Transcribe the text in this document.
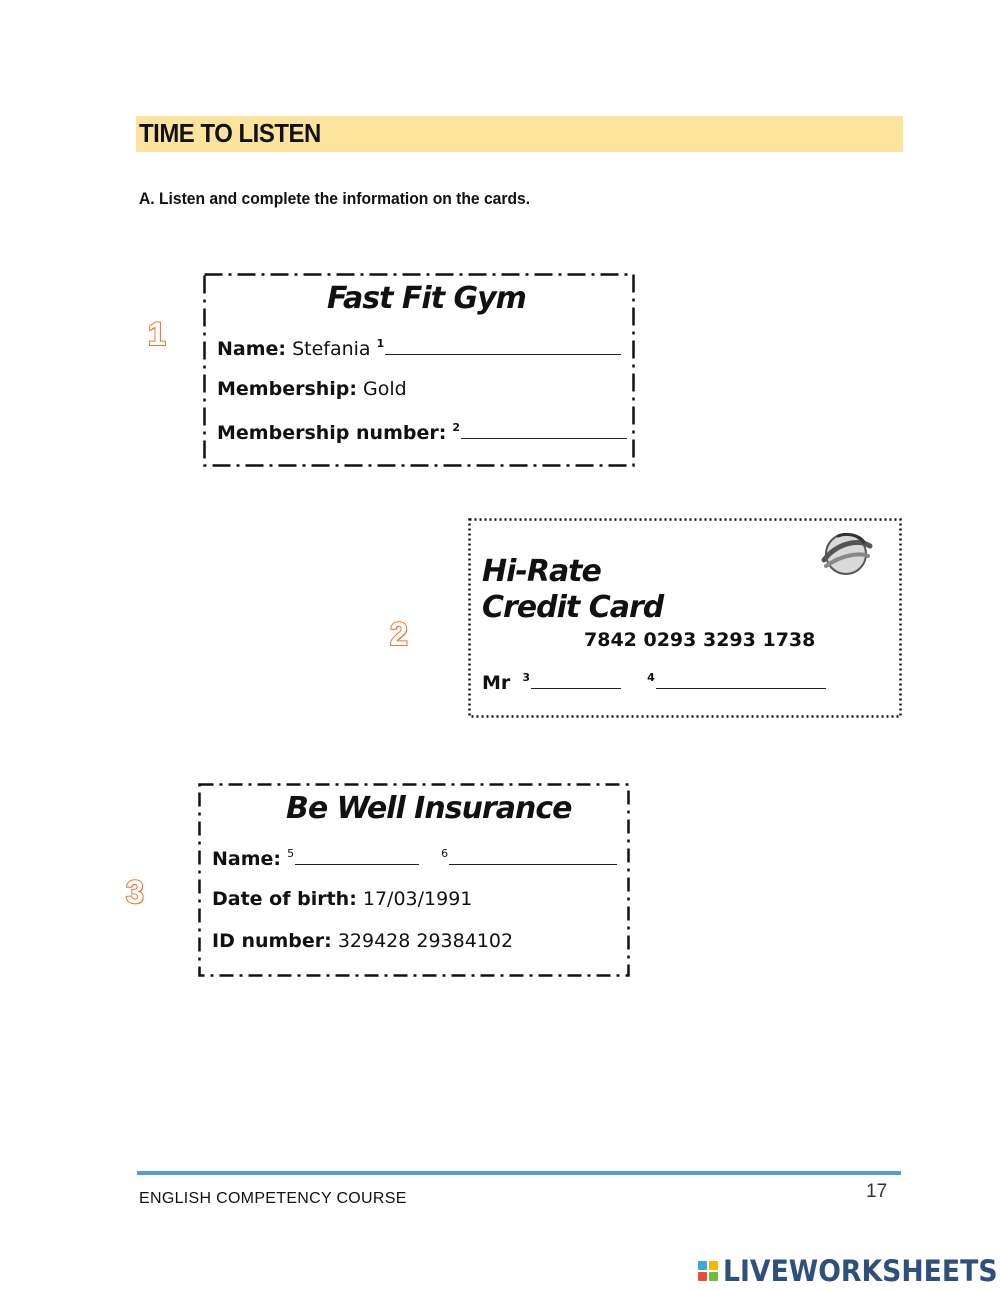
TIME TO LISTEN
A. Listen and complete the information on the cards.
1
Fast Fit Gym
Name: Stefania $^1$
Membership: Gold
Membership number: $^2$
2
Hi-Rate
Credit Card
7842 0293 3293 1738
Mr $^3$	$^4$
3
Be Well Insurance
Name: $^5$	$^6$
Date of birth: 17/03/1991
ID number: 329428 29384102
ENGLISH COMPETENCY COURSE	17
LIVEWORKSHEETS
